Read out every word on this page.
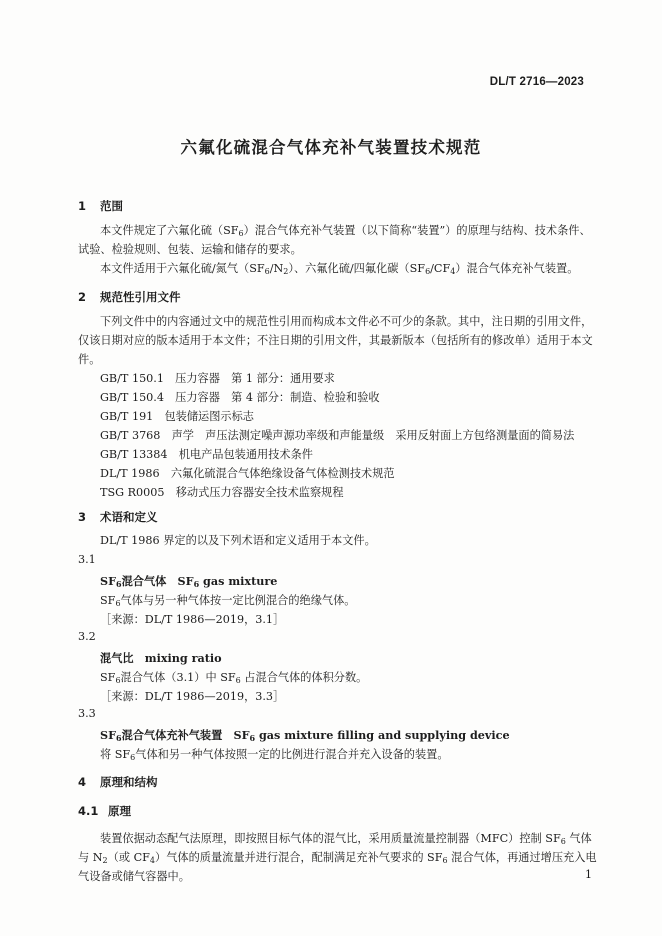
DL/T 2716—2023
六氟化硫混合气体充补气装置技术规范
1 范围
本文件规定了六氟化硫$(SF_6)$混合气体充补气装置（以下简称“装置”）的原理与结构、技术条件、试验、检验规则、包装、运输和储存的要求。
本文件适用于六氟化硫/氮气$(SF_6/N_2)$、六氟化硫/四氟化碳$(SF_6/CF_4)$混合气体充补气装置。
2 规范性引用文件
下列文件中的内容通过文中的规范性引用而构成本文件必不可少的条款。其中，注日期的引用文件，仅该日期对应的版本适用于本文件；不注日期的引用文件，其最新版本（包括所有的修改单）适用于本文件。
GB/T 150.1　压力容器　第 1 部分：通用要求
GB/T 150.4　压力容器　第 4 部分：制造、检验和验收
GB/T 191　包装储运图示标志
GB/T 3768　声学　声压法测定噪声源功率级和声能量级　采用反射面上方包络测量面的简易法
GB/T 13384　机电产品包装通用技术条件
DL/T 1986　六氟化硫混合气体绝缘设备气体检测技术规范
TSG R0005　移动式压力容器安全技术监察规程
3 术语和定义
DL/T 1986 界定的以及下列术语和定义适用于本文件。
3.1
$SF_6$混合气体　$SF_6$ gas mixture
$SF_6$气体与另一种气体按一定比例混合的绝缘气体。
［来源：DL/T 1986—2019，3.1］
3.2
混气比　mixing ratio
$SF_6$混合气体（3.1）中 $SF_6$ 占混合气体的体积分数。
［来源：DL/T 1986—2019，3.3］
3.3
$SF_6$混合气体充补气装置　$SF_6$ gas mixture filling and supplying device
将 $SF_6$气体和另一种气体按照一定的比例进行混合并充入设备的装置。
4 原理和结构
4.1 原理
装置依据动态配气法原理，即按照目标气体的混气比，采用质量流量控制器（MFC）控制 $SF_6$ 气体与 $N_2$（或 $CF_4$）气体的质量流量并进行混合，配制满足充补气要求的 $SF_6$ 混合气体，再通过增压充入电气设备或储气容器中。	1
